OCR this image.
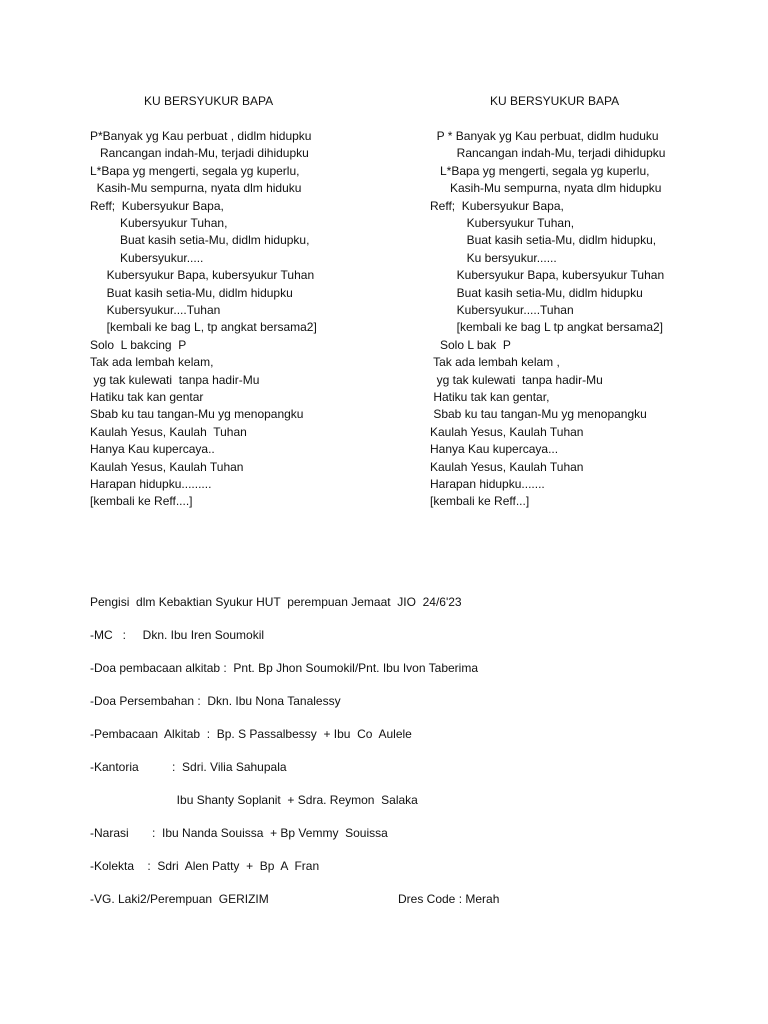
KU BERSYUKUR BAPA
P*Banyak yg Kau perbuat , didlm hidupku
Rancangan indah-Mu, terjadi dihidupku
L*Bapa yg mengerti, segala yg kuperlu,
Kasih-Mu sempurna, nyata dlm hiduku
Reff;  Kubersyukur Bapa,
Kubersyukur Tuhan,
Buat kasih setia-Mu, didlm hidupku,
Kubersyukur.....
Kubersyukur Bapa, kubersyukur Tuhan
Buat kasih setia-Mu, didlm hidupku
Kubersyukur....Tuhan
[kembali ke bag L, tp angkat bersama2]
Solo  L bakcing  P
Tak ada lembah kelam,
yg tak kulewati  tanpa hadir-Mu
Hatiku tak kan gentar
Sbab ku tau tangan-Mu yg menopangku
Kaulah Yesus, Kaulah  Tuhan
Hanya Kau kupercaya..
Kaulah Yesus, Kaulah Tuhan
Harapan hidupku.........
[kembali ke Reff....]
KU BERSYUKUR BAPA
P * Banyak yg Kau perbuat, didlm huduku
Rancangan indah-Mu, terjadi dihidupku
L*Bapa yg mengerti, segala yg kuperlu,
Kasih-Mu sempurna, nyata dlm hidupku
Reff;  Kubersyukur Bapa,
Kubersyukur Tuhan,
Buat kasih setia-Mu, didlm hidupku,
Ku bersyukur......
Kubersyukur Bapa, kubersyukur Tuhan
Buat kasih setia-Mu, didlm hidupku
Kubersyukur.....Tuhan
[kembali ke bag L tp angkat bersama2]
Solo L bak  P
Tak ada lembah kelam ,
yg tak kulewati  tanpa hadir-Mu
Hatiku tak kan gentar,
Sbab ku tau tangan-Mu yg menopangku
Kaulah Yesus, Kaulah Tuhan
Hanya Kau kupercaya...
Kaulah Yesus, Kaulah Tuhan
Harapan hidupku.......
[kembali ke Reff...]
Pengisi  dlm Kebaktian Syukur HUT  perempuan Jemaat  JIO  24/6'23
-MC   :     Dkn. Ibu Iren Soumokil
-Doa pembacaan alkitab :  Pnt. Bp Jhon Soumokil/Pnt. Ibu Ivon Taberima
-Doa Persembahan :  Dkn. Ibu Nona Tanalessy
-Pembacaan  Alkitab  :  Bp. S Passalbessy  + Ibu  Co  Aulele
-Kantoria          :  Sdri. Vilia Sahupala
Ibu Shanty Soplanit  + Sdra. Reymon  Salaka
-Narasi       :  Ibu Nanda Souissa  + Bp Vemmy  Souissa
-Kolekta    :  Sdri  Alen Patty  +  Bp  A  Fran
-VG. Laki2/Perempuan  GERIZIM	Dres Code : Merah
